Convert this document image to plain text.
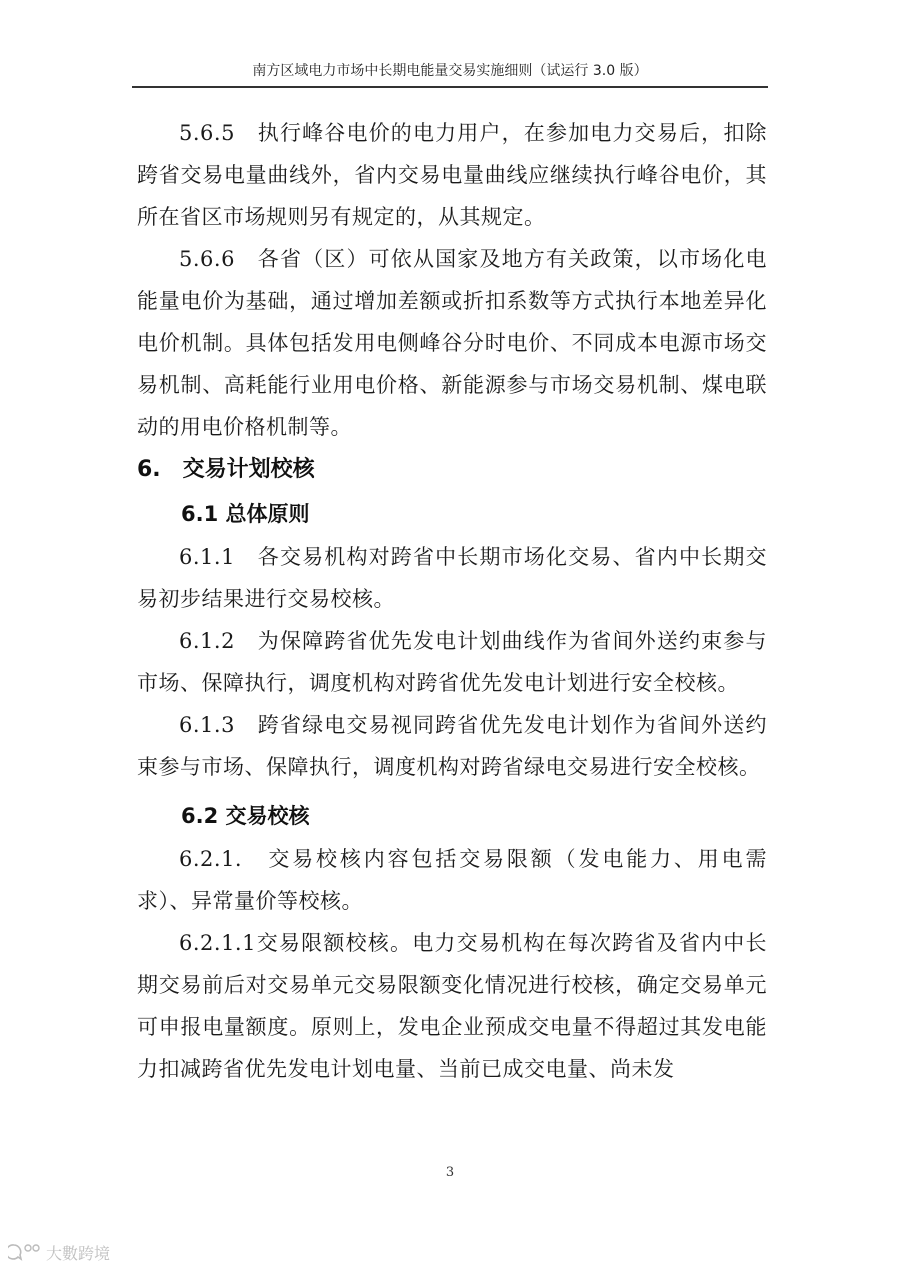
南方区域电力市场中长期电能量交易实施细则（试运行 3.0 版）

5.6.5　执行峰谷电价的电力用户，在参加电力交易后，扣除跨省交易电量曲线外，省内交易电量曲线应继续执行峰谷电价，其所在省区市场规则另有规定的，从其规定。

5.6.6　各省（区）可依从国家及地方有关政策，以市场化电能量电价为基础，通过增加差额或折扣系数等方式执行本地差异化电价机制。具体包括发用电侧峰谷分时电价、不同成本电源市场交易机制、高耗能行业用电价格、新能源参与市场交易机制、煤电联动的用电价格机制等。

6.　交易计划校核
6.1 总体原则

6.1.1　各交易机构对跨省中长期市场化交易、省内中长期交易初步结果进行交易校核。

6.1.2　为保障跨省优先发电计划曲线作为省间外送约束参与市场、保障执行，调度机构对跨省优先发电计划进行安全校核。

6.1.3　跨省绿电交易视同跨省优先发电计划作为省间外送约束参与市场、保障执行，调度机构对跨省绿电交易进行安全校核。

6.2 交易校核

6.2.1.　交易校核内容包括交易限额（发电能力、用电需求）、异常量价等校核。

6.2.1.1交易限额校核。电力交易机构在每次跨省及省内中长期交易前后对交易单元交易限额变化情况进行校核，确定交易单元可申报电量额度。原则上，发电企业预成交电量不得超过其发电能力扣减跨省优先发电计划电量、当前已成交电量、尚未发

3
大數跨境
